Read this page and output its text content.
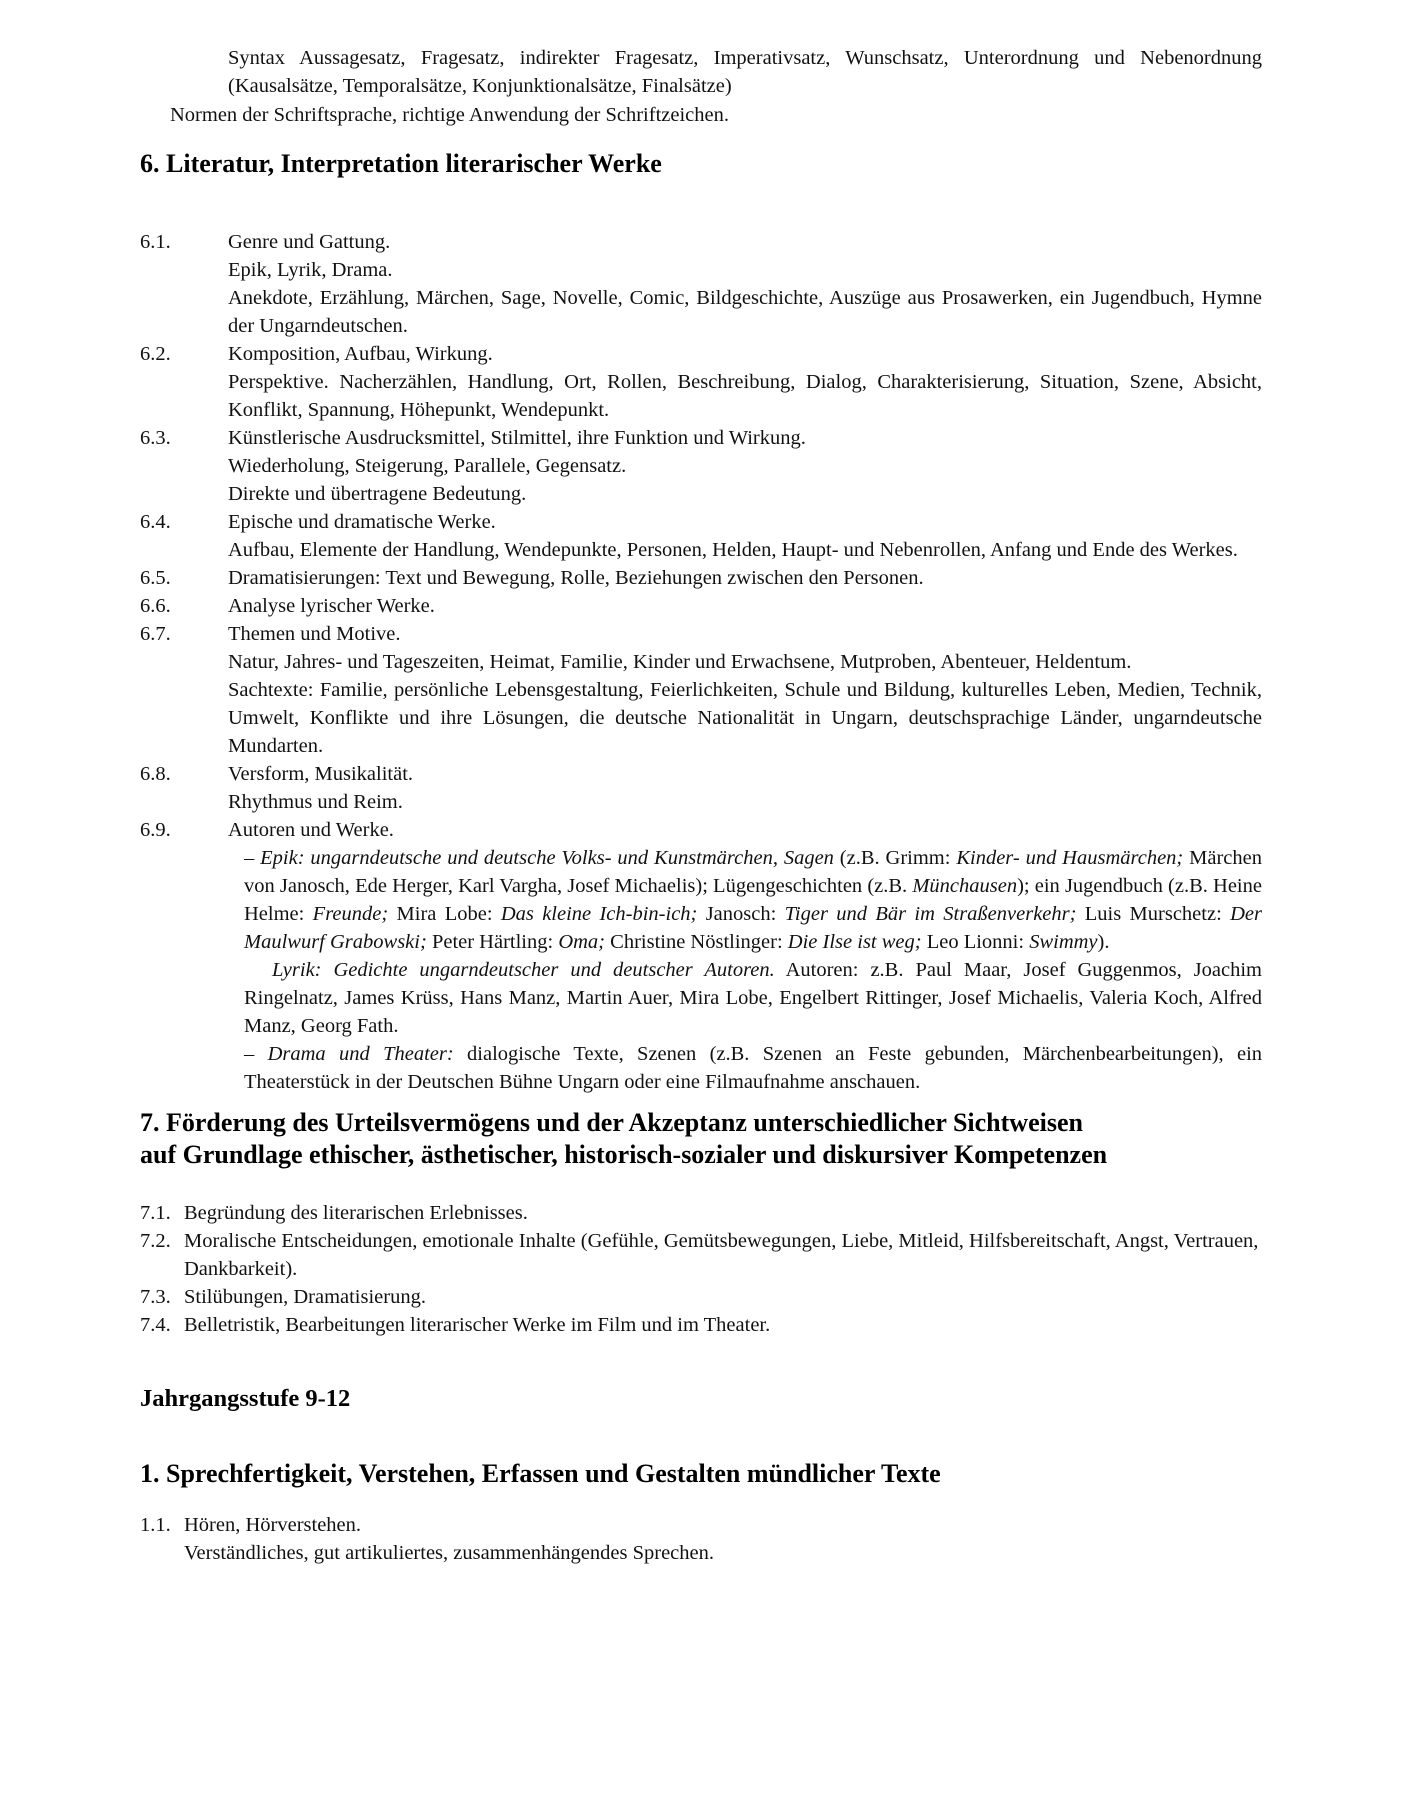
Syntax Aussagesatz, Fragesatz, indirekter Fragesatz, Imperativsatz, Wunschsatz, Unterordnung und Nebenordnung (Kausalsätze, Temporalsätze, Konjunktionalsätze, Finalsätze)

Normen der Schriftsprache, richtige Anwendung der Schriftzeichen.

6. Literatur, Interpretation literarischer Werke
6.1.	Genre und Gattung.

Epik, Lyrik, Drama.

Anekdote, Erzählung, Märchen, Sage, Novelle, Comic, Bildgeschichte, Auszüge aus Prosawerken, ein Jugendbuch, Hymne der Ungarndeutschen.

6.2.	Komposition, Aufbau, Wirkung.

Perspektive. Nacherzählen, Handlung, Ort, Rollen, Beschreibung, Dialog, Charakterisierung, Situation, Szene, Absicht, Konflikt, Spannung, Höhepunkt, Wendepunkt.

6.3.	Künstlerische Ausdrucksmittel, Stilmittel, ihre Funktion und Wirkung.

Wiederholung, Steigerung, Parallele, Gegensatz.

Direkte und übertragene Bedeutung.

6.4.	Epische und dramatische Werke.

Aufbau, Elemente der Handlung, Wendepunkte, Personen, Helden, Haupt- und Nebenrollen, Anfang und Ende des Werkes.

6.5.	Dramatisierungen: Text und Bewegung, Rolle, Beziehungen zwischen den Personen.

6.6.	Analyse lyrischer Werke.

6.7.	Themen und Motive.

Natur, Jahres- und Tageszeiten, Heimat, Familie, Kinder und Erwachsene, Mutproben, Abenteuer, Heldentum.

Sachtexte: Familie, persönliche Lebensgestaltung, Feierlichkeiten, Schule und Bildung, kulturelles Leben, Medien, Technik, Umwelt, Konflikte und ihre Lösungen, die deutsche Nationalität in Ungarn, deutschsprachige Länder, ungarndeutsche Mundarten.

6.8.	Versform, Musikalität.

Rhythmus und Reim.

6.9.	Autoren und Werke.

– Epik: ungarndeutsche und deutsche Volks- und Kunstmärchen, Sagen (z.B. Grimm: Kinder- und Hausmärchen; Märchen von Janosch, Ede Herger, Karl Vargha, Josef Michaelis); Lügengeschichten (z.B. Münchausen); ein Jugendbuch (z.B. Heine Helme: Freunde; Mira Lobe: Das kleine Ich-bin-ich; Janosch: Tiger und Bär im Straßenverkehr; Luis Murschetz: Der Maulwurf Grabowski; Peter Härtling: Oma; Christine Nöstlinger: Die Ilse ist weg; Leo Lionni: Swimmy).

Lyrik: Gedichte ungarndeutscher und deutscher Autoren. Autoren: z.B. Paul Maar, Josef Guggenmos, Joachim Ringelnatz, James Krüss, Hans Manz, Martin Auer, Mira Lobe, Engelbert Rittinger, Josef Michaelis, Valeria Koch, Alfred Manz, Georg Fath.

– Drama und Theater: dialogische Texte, Szenen (z.B. Szenen an Feste gebunden, Märchenbearbeitungen), ein Theaterstück in der Deutschen Bühne Ungarn oder eine Filmaufnahme anschauen.

7. Förderung des Urteilsvermögens und der Akzeptanz unterschiedlicher Sichtweisen
auf Grundlage ethischer, ästhetischer, historisch-sozialer und diskursiver Kompetenzen
7.1. Begründung des literarischen Erlebnisses.
7.2. Moralische Entscheidungen, emotionale Inhalte (Gefühle, Gemütsbewegungen, Liebe, Mitleid, Hilfsbereitschaft, Angst, Vertrauen, Dankbarkeit).
7.3. Stilübungen, Dramatisierung.
7.4. Belletristik, Bearbeitungen literarischer Werke im Film und im Theater.
Jahrgangsstufe 9-12
1. Sprechfertigkeit, Verstehen, Erfassen und Gestalten mündlicher Texte
1.1. Hören, Hörverstehen.

Verständliches, gut artikuliertes, zusammenhängendes Sprechen.
